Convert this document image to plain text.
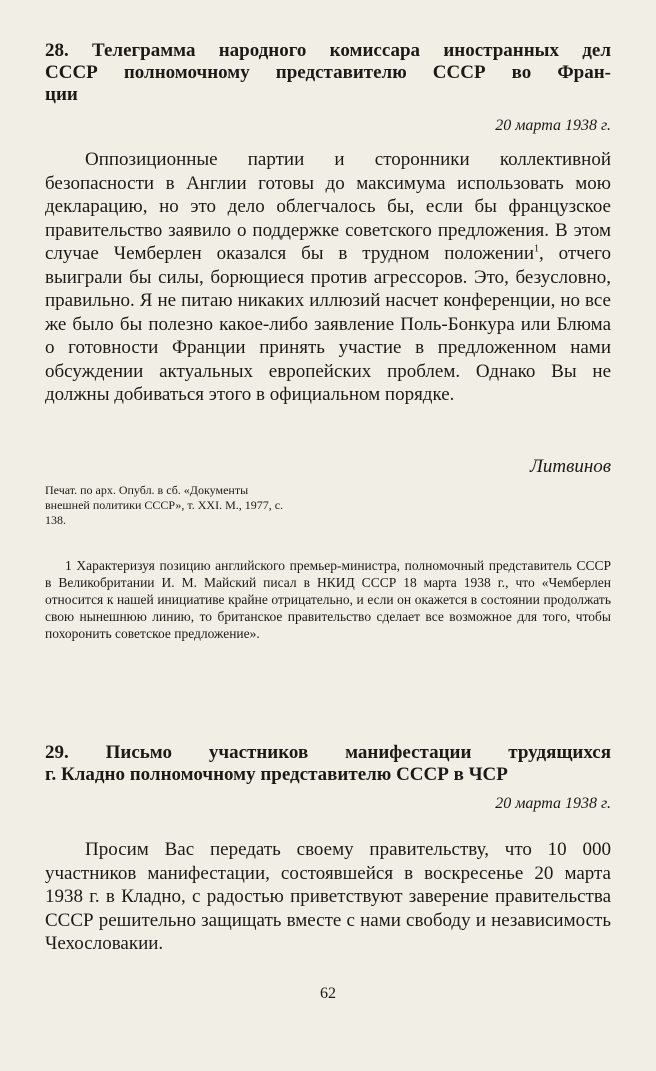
28. Телеграмма народного комиссара иностранных дел
СССР полномочному представителю СССР во Фран-
ции
20 марта 1938 г.

Оппозиционные партии и сторонники коллективной безопасности в Англии готовы до максимума использовать мою декларацию, но это дело облегчалось бы, если бы французское правительство заявило о поддержке советского предложения. В этом случае Чемберлен оказался бы в трудном положении$^1$, отчего выиграли бы силы, борющиеся против агрессоров. Это, безусловно, правильно. Я не питаю никаких иллюзий насчет конференции, но все же было бы полезно какое-либо заявление Поль-Бонкура или Блюма о готовности Франции принять участие в предложенном нами обсуждении актуальных европейских проблем. Однако Вы не должны добиваться этого в официальном порядке.

Литвинов
Печат. по арх. Опубл. в сб. «Документы внешней политики СССР», т. XXI. М., 1977, с. 138.

1 Характеризуя позицию английского премьер-министра, полномочный представитель СССР в Великобритании И. М. Майский писал в НКИД СССР 18 марта 1938 г., что «Чемберлен относится к нашей инициативе крайне отрицательно, и если он окажется в состоянии продолжать свою нынешнюю линию, то британское правительство сделает все возможное для того, чтобы похоронить советское предложение».

29. Письмо участников манифестации трудящихся
г. Кладно полномочному представителю СССР в ЧСР
20 марта 1938 г.

Просим Вас передать своему правительству, что 10 000 участников манифестации, состоявшейся в воскресенье 20 марта 1938 г. в Кладно, с радостью приветствуют заверение правительства СССР решительно защищать вместе с нами свободу и независимость Чехословакии.

62
